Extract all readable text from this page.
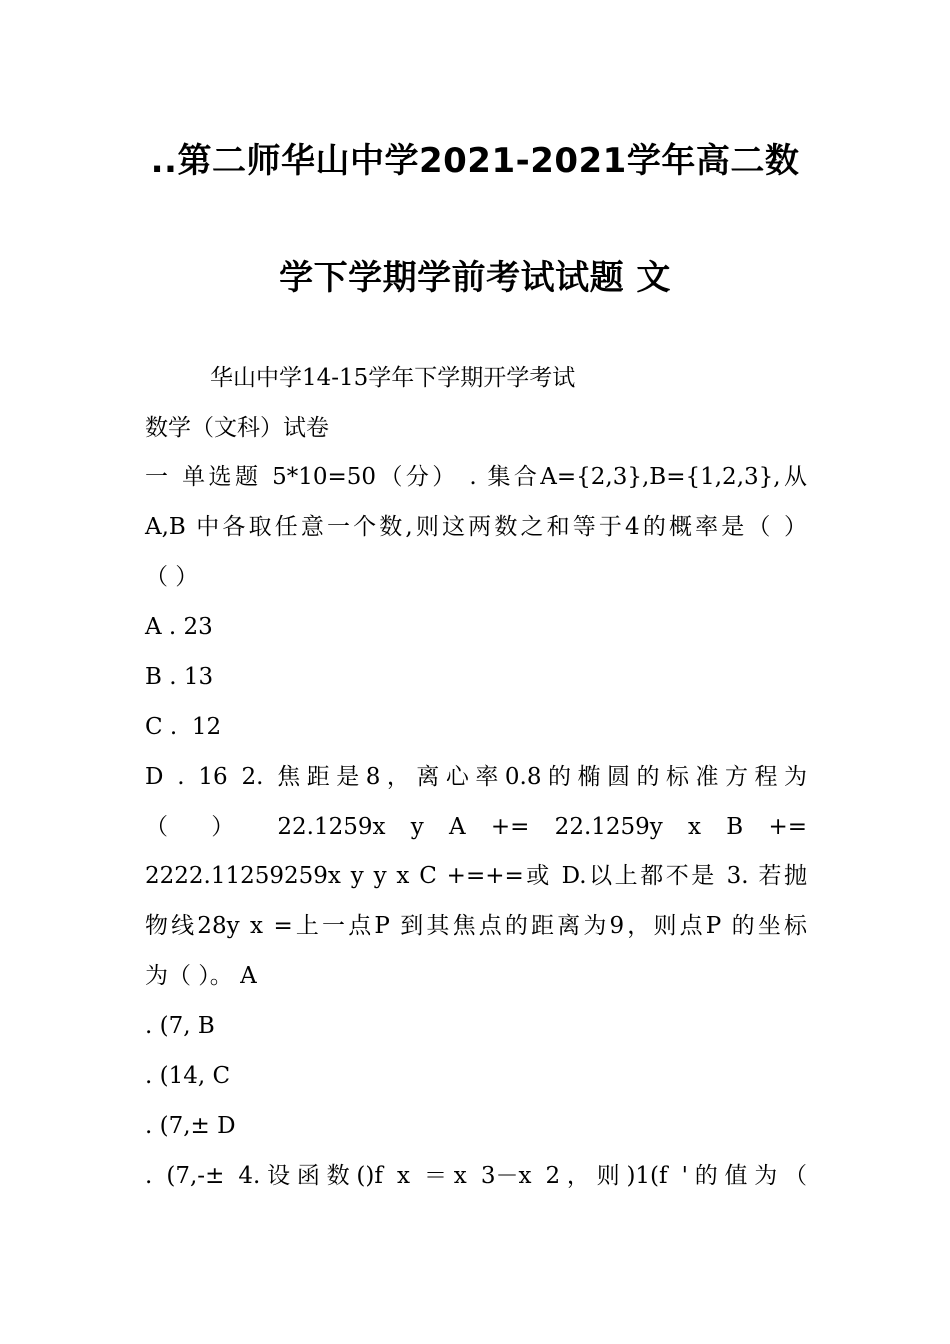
..第二师华山中学2021-2021学年高二数
学下学期学前考试试题 文
华山中学14-15学年下学期开学考试
数学（文科）试卷
一 单选题 5*10=50（分） . 集合A={2,3},B={1,2,3},从
A,B 中各取任意一个数,则这两数之和等于4的概率是（ ）
（ ）
A . 23
B . 13
C .  12
D . 16 2. 焦距是8，离心率0.8的椭圆的标准方程为
（     ）     22.1259x   y   A   +=   22.1259y   x   B   +=
2222.11259259x y y x C +=+=或 D.以上都不是 3. 若抛
物线28y x =上一点P 到其焦点的距离为9，则点P 的坐标
为（ ）。 A
. (7, B
. (14, C
. (7,± D
. (7,-± 4.设函数()f x ＝x 3－x 2，则)1(f '的值为（
